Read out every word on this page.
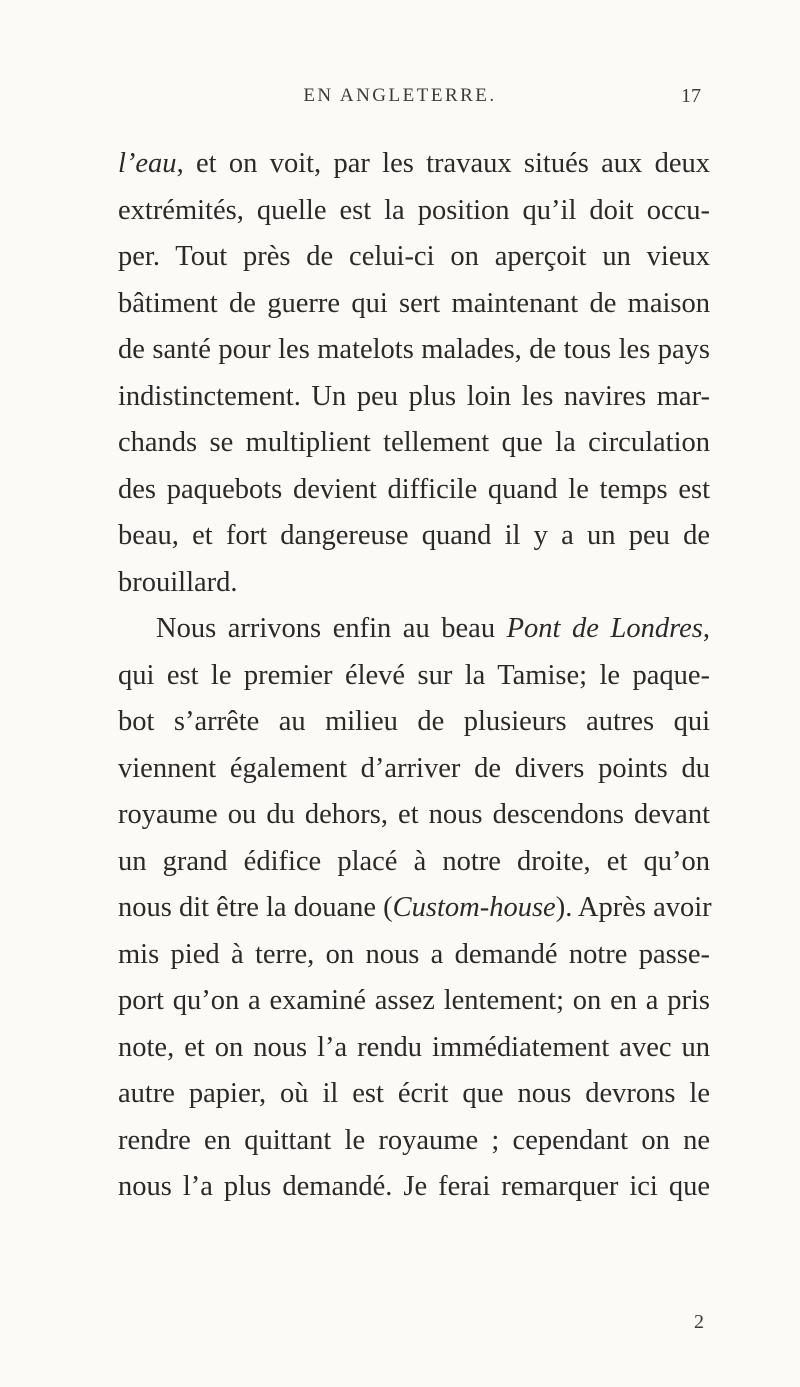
EN ANGLETERRE.	17
l’eau, et on voit, par les travaux situés aux deux
extrémités, quelle est la position qu’il doit occu-
per. Tout près de celui-ci on aperçoit un vieux
bâtiment de guerre qui sert maintenant de maison
de santé pour les matelots malades, de tous les pays
indistinctement. Un peu plus loin les navires mar-
chands se multiplient tellement que la circulation
des paquebots devient difficile quand le temps est
beau, et fort dangereuse quand il y a un peu de
brouillard.
Nous arrivons enfin au beau Pont de Londres,
qui est le premier élevé sur la Tamise; le paque-
bot s’arrête au milieu de plusieurs autres qui
viennent également d’arriver de divers points du
royaume ou du dehors, et nous descendons devant
un grand édifice placé à notre droite, et qu’on
nous dit être la douane (Custom-house). Après avoir
mis pied à terre, on nous a demandé notre passe-
port qu’on a examiné assez lentement; on en a pris
note, et on nous l’a rendu immédiatement avec un
autre papier, où il est écrit que nous devrons le
rendre en quittant le royaume ; cependant on ne
nous l’a plus demandé. Je ferai remarquer ici que
2
